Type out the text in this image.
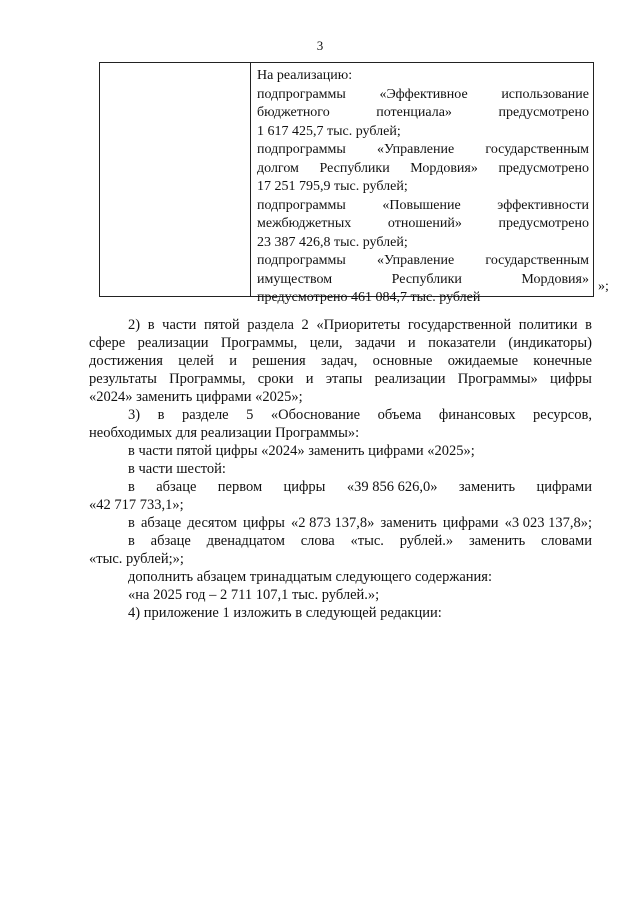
3
На реализацию:
подпрограммы «Эффективное использование
бюджетного	потенциала»	предусмотрено
1 617 425,7 тыс. рублей;
подпрограммы «Управление государственным
долгом Республики Мордовия» предусмотрено
17 251 795,9 тыс. рублей;
подпрограммы	«Повышение	эффективности
межбюджетных	отношений»	предусмотрено
23 387 426,8 тыс. рублей;
подпрограммы «Управление государственным
имуществом	Республики	Мордовия»
предусмотрено 461 084,7 тыс. рублей
»;
2) в части пятой раздела 2 «Приоритеты государственной политики в
сфере реализации Программы, цели, задачи и показатели (индикаторы)
достижения целей и решения задач, основные ожидаемые конечные
результаты Программы, сроки и этапы реализации Программы» цифры
«2024» заменить цифрами «2025»;
3) в разделе 5 «Обоснование объема финансовых ресурсов,
необходимых для реализации Программы»:
в части пятой цифры «2024» заменить цифрами «2025»;
в части шестой:
в абзаце первом цифры «39 856 626,0» заменить цифрами
«42 717 733,1»;
в абзаце десятом цифры «2 873 137,8» заменить цифрами «3 023 137,8»;
в абзаце двенадцатом слова «тыс. рублей.» заменить словами
«тыс. рублей;»;
дополнить абзацем тринадцатым следующего содержания:
«на 2025 год – 2 711 107,1 тыс. рублей.»;
4) приложение 1 изложить в следующей редакции:
